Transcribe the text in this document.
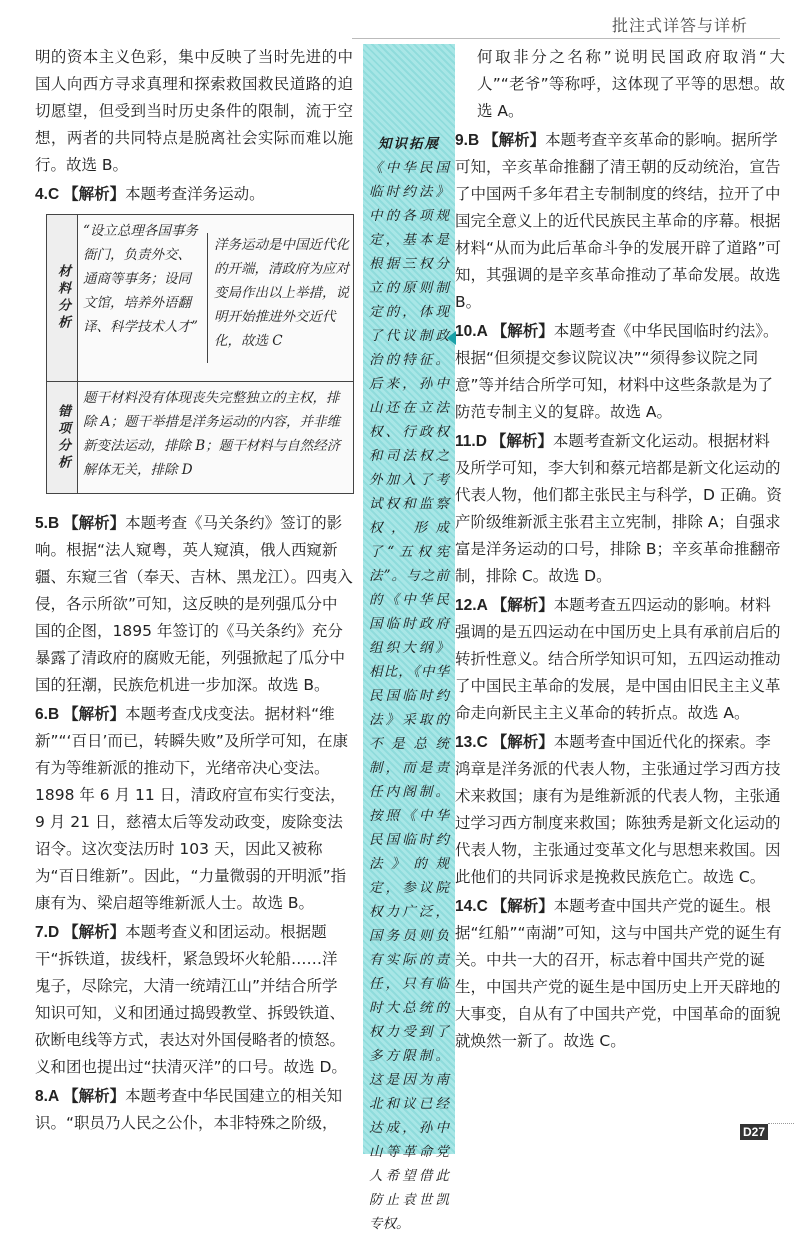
批注式详答与详析
明的资本主义色彩，集中反映了当时先进的中国人向西方寻求真理和探索救国救民道路的迫切愿望，但受到当时历史条件的限制，流于空想，两者的共同特点是脱离社会实际而难以施行。故选 B。
4.C 【解析】本题考查洋务运动。
5.B 【解析】本题考查《马关条约》签订的影响。根据“法人窥粤，英人窥滇，俄人西窥新疆、东窥三省（奉天、吉林、黑龙江）。四夷入侵，各示所欲”可知，这反映的是列强瓜分中国的企图，1895 年签订的《马关条约》充分暴露了清政府的腐败无能，列强掀起了瓜分中国的狂潮，民族危机进一步加深。故选 B。
6.B 【解析】本题考查戊戌变法。据材料“维新”“‘百日’而已，转瞬失败”及所学可知，在康有为等维新派的推动下，光绪帝决心变法。1898 年 6 月 11 日，清政府宣布实行变法，9 月 21 日，慈禧太后等发动政变，废除变法诏令。这次变法历时 103 天，因此又被称为“百日维新”。因此，“力量微弱的开明派”指康有为、梁启超等维新派人士。故选 B。
7.D 【解析】本题考查义和团运动。根据题干“拆铁道，拔线杆，紧急毁坏火轮船……洋鬼子，尽除完，大清一统靖江山”并结合所学知识可知，义和团通过捣毁教堂、拆毁铁道、砍断电线等方式，表达对外国侵略者的愤怒。义和团也提出过“扶清灭洋”的口号。故选 D。
8.A 【解析】本题考查中华民国建立的相关知识。“职员乃人民之公仆，本非特殊之阶级，
材料分析
“设立总理各国事务衙门，负责外交、通商等事务；设同文馆，培养外语翻译、科学技术人才”
洋务运动是中国近代化的开端，清政府为应对变局作出以上举措，说明开始推进外交近代化，故选 C
错项分析
题干材料没有体现丧失完整独立的主权，排除 A；题干举措是洋务运动的内容，并非维新变法运动，排除 B；题干材料与自然经济解体无关，排除 D
知识拓展
《中华民国临时约法》中的各项规定，基本是根据三权分立的原则制定的，体现了代议制政治的特征。后来，孙中山还在立法权、行政权和司法权之外加入了考试权和监察权，形成了“五权宪法”。与之前的《中华民国临时政府组织大纲》相比，《中华民国临时约法》采取的不是总统制，而是责任内阁制。按照《中华民国临时约法》的规定，参议院权力广泛，国务员则负有实际的责任，只有临时大总统的权力受到了多方限制。这是因为南北和议已经达成，孙中山等革命党人希望借此防止袁世凯专权。
何取非分之名称”说明民国政府取消“大人”“老爷”等称呼，这体现了平等的思想。故选 A。
9.B 【解析】本题考查辛亥革命的影响。据所学可知，辛亥革命推翻了清王朝的反动统治，宣告了中国两千多年君主专制制度的终结，拉开了中国完全意义上的近代民族民主革命的序幕。根据材料“从而为此后革命斗争的发展开辟了道路”可知，其强调的是辛亥革命推动了革命发展。故选 B。
10.A 【解析】本题考查《中华民国临时约法》。根据“但须提交参议院议决”“须得参议院之同意”等并结合所学可知，材料中这些条款是为了防范专制主义的复辟。故选 A。
11.D 【解析】本题考查新文化运动。根据材料及所学可知，李大钊和蔡元培都是新文化运动的代表人物，他们都主张民主与科学，D 正确。资产阶级维新派主张君主立宪制，排除 A；自强求富是洋务运动的口号，排除 B；辛亥革命推翻帝制，排除 C。故选 D。
12.A 【解析】本题考查五四运动的影响。材料强调的是五四运动在中国历史上具有承前启后的转折性意义。结合所学知识可知，五四运动推动了中国民主革命的发展，是中国由旧民主主义革命走向新民主主义革命的转折点。故选 A。
13.C 【解析】本题考查中国近代化的探索。李鸿章是洋务派的代表人物，主张通过学习西方技术来救国；康有为是维新派的代表人物，主张通过学习西方制度来救国；陈独秀是新文化运动的代表人物，主张通过变革文化与思想来救国。因此他们的共同诉求是挽救民族危亡。故选 C。
14.C 【解析】本题考查中国共产党的诞生。根据“红船”“南湖”可知，这与中国共产党的诞生有关。中共一大的召开，标志着中国共产党的诞生，中国共产党的诞生是中国历史上开天辟地的大事变，自从有了中国共产党，中国革命的面貌就焕然一新了。故选 C。
D27
